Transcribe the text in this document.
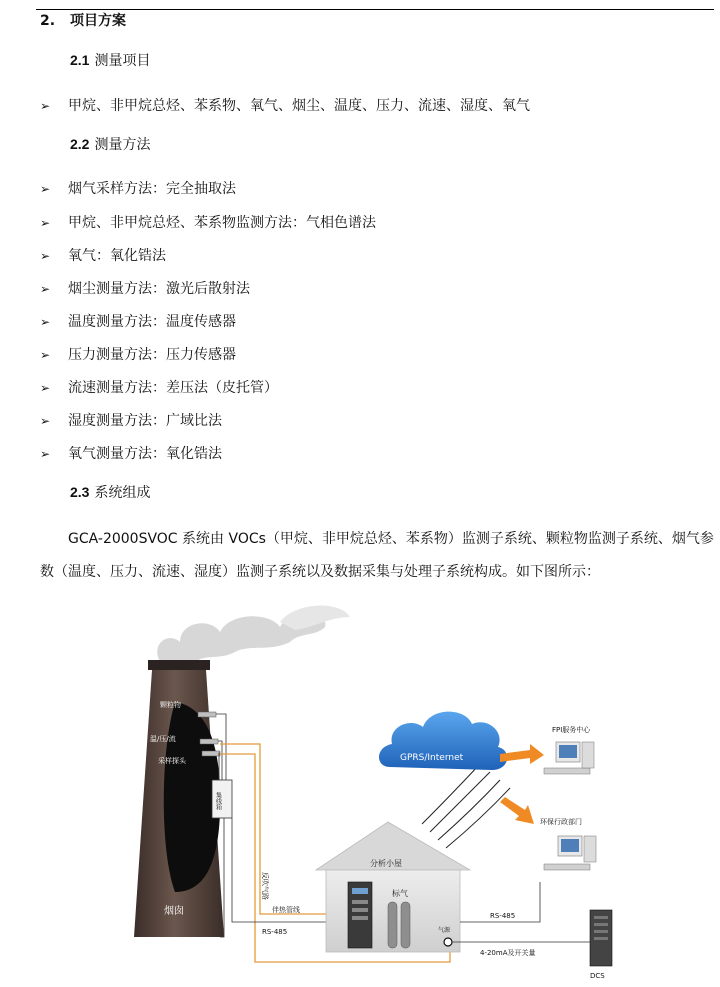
2. 项目方案
2.1 测量项目
➢ 甲烷、非甲烷总烃、苯系物、氧气、烟尘、温度、压力、流速、湿度、氧气
2.2 测量方法
➢ 烟气采样方法：完全抽取法
➢ 甲烷、非甲烷总烃、苯系物监测方法：气相色谱法
➢ 氧气：氧化锆法
➢ 烟尘测量方法：激光后散射法
➢ 温度测量方法：温度传感器
➢ 压力测量方法：压力传感器
➢ 流速测量方法：差压法（皮托管）
➢ 湿度测量方法：广域比法
➢ 氧气测量方法：氧化锆法
2.3 系统组成
GCA-2000SVOC 系统由 VOCs（甲烷、非甲烷总烃、苯系物）监测子系统、颗粒物监测子系统、烟气参
数（温度、压力、流速、湿度）监测子系统以及数据采集与处理子系统构成。如下图所示：
烟囱
颗粒物
温/压/流
采样探头
集线箱
反吹气路
伴热管线
RS-485
分析小屋
标气
气源
RS-485
4-20mA及开关量
GPRS/Internet
FPI服务中心
环保行政部门
DCS
